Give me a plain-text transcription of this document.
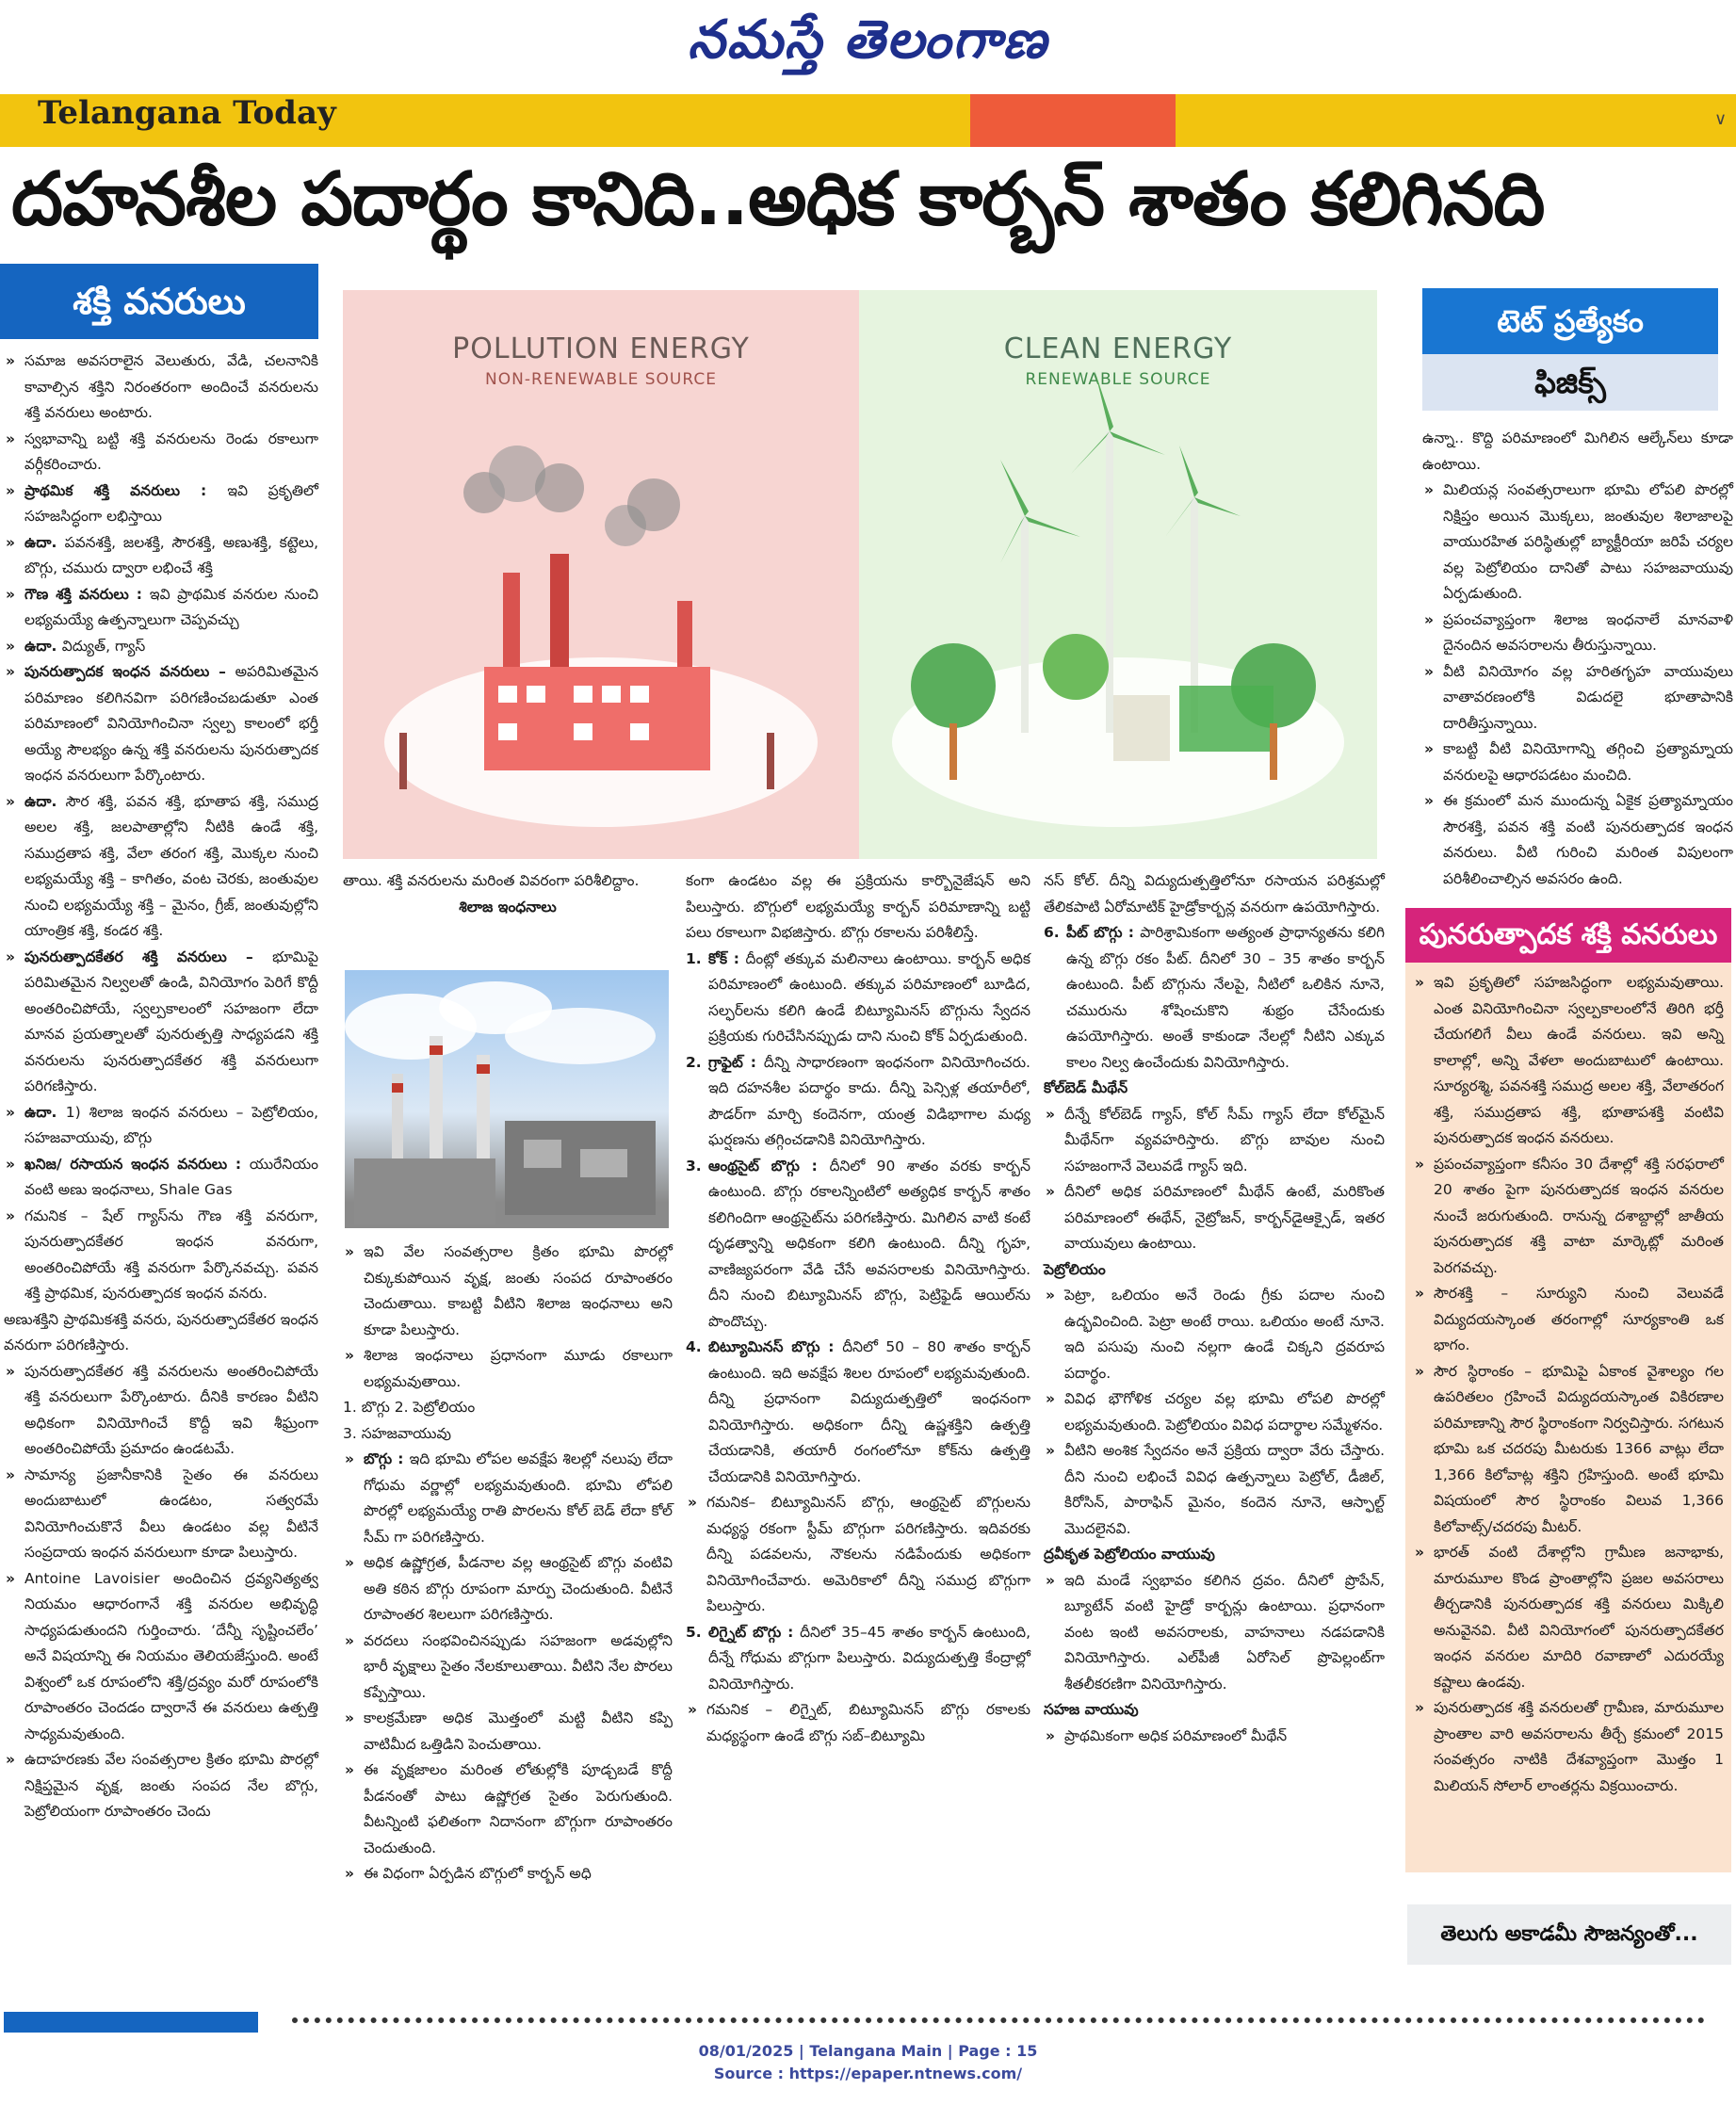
నమస్తే తెలంగాణ
Telangana Today	∨
దహనశీల పదార్థం కానిది..అధిక కార్బన్ శాతం కలిగినది
శక్తి వనరులు

» సమాజ అవసరాలైన వెలుతురు, వేడి, చలనానికి కావాల్సిన శక్తిని నిరంతరంగా అందించే వనరులను శక్తి వనరులు అంటారు.

» స్వభావాన్ని బట్టి శక్తి వనరులను రెండు రకాలుగా వర్గీకరించారు.

» ప్రాథమిక శక్తి వనరులు : ఇవి ప్రకృతిలో సహజసిద్ధంగా లభిస్తాయి

» ఉదా. పవనశక్తి, జలశక్తి, సౌరశక్తి, అణుశక్తి, కట్టెలు, బొగ్గు, చమురు ద్వారా లభించే శక్తి

» గౌణ శక్తి వనరులు : ఇవి ప్రాథమిక వనరుల నుంచి లభ్యమయ్యే ఉత్పన్నాలుగా చెప్పవచ్చు

» ఉదా. విద్యుత్, గ్యాస్

» పునరుత్పాదక ఇంధన వనరులు – అపరిమితమైన పరిమాణం కలిగినవిగా పరిగణించబడుతూ ఎంత పరిమాణంలో వినియోగించినా స్వల్ప కాలంలో భర్తీ అయ్యే సౌలభ్యం ఉన్న శక్తి వనరులను పునరుత్పాదక ఇంధన వనరులుగా పేర్కొంటారు.

» ఉదా. సౌర శక్తి, పవన శక్తి, భూతాప శక్తి, సముద్ర అలల శక్తి, జలపాతాల్లోని నీటికి ఉండే శక్తి, సముద్రతాప శక్తి, వేలా తరంగ శక్తి, మొక్కల నుంచి లభ్యమయ్యే శక్తి – కాగితం, వంట చెరకు, జంతువుల నుంచి లభ్యమయ్యే శక్తి – మైనం, గ్రీజ్, జంతువుల్లోని యాంత్రిక శక్తి, కండర శక్తి.

» పునరుత్పాదకేతర శక్తి వనరులు – భూమిపై పరిమితమైన నిల్వలతో ఉండి, వినియోగం పెరిగే కొద్దీ అంతరించిపోయే, స్వల్పకాలంలో సహజంగా లేదా మానవ ప్రయత్నాలతో పునరుత్పత్తి సాధ్యపడని శక్తి వనరులను పునరుత్పాదకేతర శక్తి వనరులుగా పరిగణిస్తారు.

» ఉదా. 1) శిలాజ ఇంధన వనరులు – పెట్రోలియం, సహజవాయువు, బొగ్గు

» ఖనిజ/ రసాయన ఇంధన వనరులు : యురేనియం వంటి అణు ఇంధనాలు, Shale Gas

» గమనిక – షేల్ గ్యాస్‌ను గౌణ శక్తి వనరుగా, పునరుత్పాదకేతర ఇంధన వనరుగా, అంతరించిపోయే శక్తి వనరుగా పేర్కొనవచ్చు. పవన శక్తి ప్రాథమిక, పునరుత్పాదక ఇంధన వనరు.

అణుశక్తిని ప్రాథమికశక్తి వనరు, పునరుత్పాదకేతర ఇంధన వనరుగా పరిగణిస్తారు.

» పునరుత్పాదకేతర శక్తి వనరులను అంతరించిపోయే శక్తి వనరులుగా పేర్కొంటారు. దీనికి కారణం వీటిని అధికంగా వినియోగించే కొద్దీ ఇవి శీఘ్రంగా అంతరించిపోయే ప్రమాదం ఉండటమే.

» సామాన్య ప్రజానీకానికి సైతం ఈ వనరులు అందుబాటులో ఉండటం, సత్వరమే వినియోగించుకొనే వీలు ఉండటం వల్ల వీటినే సంప్రదాయ ఇంధన వనరులుగా కూడా పిలుస్తారు.

» Antoine Lavoisier అందించిన ద్రవ్యనిత్యత్వ నియమం ఆధారంగానే శక్తి వనరుల అభివృద్ధి సాధ్యపడుతుందని గుర్తించారు. ‘దేన్నీ సృష్టించలేం’ అనే విషయాన్ని ఈ నియమం తెలియజేస్తుంది. అంటే విశ్వంలో ఒక రూపంలోని శక్తి/ద్రవ్యం మరో రూపంలోకి రూపాంతరం చెందడం ద్వారానే ఈ వనరులు ఉత్పత్తి సాధ్యమవుతుంది.

» ఉదాహరణకు వేల సంవత్సరాల క్రితం భూమి పొరల్లో నిక్షిప్తమైన వృక్ష, జంతు సంపద నేల బొగ్గు, పెట్రోలియంగా రూపాంతరం చెందు

POLLUTION ENERGY
NON-RENEWABLE SOURCE
CLEAN ENERGY
RENEWABLE SOURCE

తాయి. శక్తి వనరులను మరింత వివరంగా పరిశీలిద్దాం.

శిలాజ ఇంధనాలు

» ఇవి వేల సంవత్సరాల క్రితం భూమి పొరల్లో చిక్కుకుపోయిన వృక్ష, జంతు సంపద రూపాంతరం చెందుతాయి. కాబట్టి వీటిని శిలాజ ఇంధనాలు అని కూడా పిలుస్తారు.

» శిలాజ ఇంధనాలు ప్రధానంగా మూడు రకాలుగా లభ్యమవుతాయి.

1. బొగ్గు 2. పెట్రోలియం

3. సహజవాయువు

» బొగ్గు : ఇది భూమి లోపల అవక్షేప శిలల్లో నలుపు లేదా గోధుమ వర్ణాల్లో లభ్యమవుతుంది. భూమి లోపలి పొరల్లో లభ్యమయ్యే రాతి పొరలను కోల్ బెడ్ లేదా కోల్ సీమ్ గా పరిగణిస్తారు.

» అధిక ఉష్ణోగ్రత, పీడనాల వల్ల ఆంథ్రసైట్ బొగ్గు వంటివి అతి కఠిన బొగ్గు రూపంగా మార్పు చెందుతుంది. వీటినే రూపాంతర శిలలుగా పరిగణిస్తారు.

» వరదలు సంభవించినప్పుడు సహజంగా అడవుల్లోని భారీ వృక్షాలు సైతం నేలకూలుతాయి. వీటిని నేల పొరలు కప్పేస్తాయి.

» కాలక్రమేణా అధిక మొత్తంలో మట్టి వీటిని కప్పి వాటిమీద ఒత్తిడిని పెంచుతాయి.

» ఈ వృక్షజాలం మరింత లోతుల్లోకి పూడ్చబడే కొద్దీ పీడనంతో పాటు ఉష్ణోగ్రత సైతం పెరుగుతుంది. వీటన్నింటి ఫలితంగా నిదానంగా బొగ్గుగా రూపాంతరం చెందుతుంది.

» ఈ విధంగా ఏర్పడిన బొగ్గులో కార్బన్ అధి

కంగా ఉండటం వల్ల ఈ ప్రక్రియను కార్బొనైజేషన్ అని పిలుస్తారు. బొగ్గులో లభ్యమయ్యే కార్బన్ పరిమాణాన్ని బట్టి పలు రకాలుగా విభజిస్తారు. బొగ్గు రకాలను పరిశీలిస్తే.

1. కోక్ : దీంట్లో తక్కువ మలినాలు ఉంటాయి. కార్బన్ అధిక పరిమాణంలో ఉంటుంది. తక్కువ పరిమాణంలో బూడిద, సల్ఫర్‌లను కలిగి ఉండే బిట్యూమినస్ బొగ్గును స్వేదన ప్రక్రియకు గురిచేసినప్పుడు దాని నుంచి కోక్ ఏర్పడుతుంది.

2. గ్రాఫైట్ : దీన్ని సాధారణంగా ఇంధనంగా వినియోగించరు. ఇది దహనశీల పదార్థం కాదు. దీన్ని పెన్సిళ్ల తయారీలో, పౌడర్‌గా మార్చి కందెనగా, యంత్ర విడిభాగాల మధ్య ఘర్షణను తగ్గించడానికి వినియోగిస్తారు.

3. ఆంథ్రసైట్ బొగ్గు : దీనిలో 90 శాతం వరకు కార్బన్ ఉంటుంది. బొగ్గు రకాలన్నింటిలో అత్యధిక కార్బన్ శాతం కలిగిందిగా ఆంథ్రసైట్‌ను పరిగణిస్తారు. మిగిలిన వాటి కంటే దృఢత్వాన్ని అధికంగా కలిగి ఉంటుంది. దీన్ని గృహ, వాణిజ్యపరంగా వేడి చేసే అవసరాలకు వినియోగిస్తారు. దీని నుంచి బిట్యూమినస్ బొగ్గు, పెట్రిఫైడ్ ఆయిల్‌ను పొందొచ్చు.

4. బిట్యూమినస్ బొగ్గు : దీనిలో 50 – 80 శాతం కార్బన్ ఉంటుంది. ఇది అవక్షేప శిలల రూపంలో లభ్యమవుతుంది. దీన్ని ప్రధానంగా విద్యుదుత్పత్తిలో ఇంధనంగా వినియోగిస్తారు. అధికంగా దీన్ని ఉష్ణశక్తిని ఉత్పత్తి చేయడానికి, తయారీ రంగంలోనూ కోక్‌ను ఉత్పత్తి చేయడానికి వినియోగిస్తారు.

» గమనిక– బిట్యూమినస్ బొగ్గు, ఆంథ్రసైట్ బొగ్గులను మధ్యస్థ రకంగా స్టీమ్ బొగ్గుగా పరిగణిస్తారు. ఇదివరకు దీన్ని పడవలను, నౌకలను నడిపేందుకు అధికంగా వినియోగించేవారు. అమెరికాలో దీన్ని సముద్ర బొగ్గుగా పిలుస్తారు.

5. లిగ్నైట్ బొగ్గు : దీనిలో 35–45 శాతం కార్బన్ ఉంటుంది, దీన్నే గోధుమ బొగ్గుగా పిలుస్తారు. విద్యుదుత్పత్తి కేంద్రాల్లో వినియోగిస్తారు.

» గమనిక – లిగ్నైట్, బిట్యూమినస్ బొగ్గు రకాలకు మధ్యస్థంగా ఉండే బొగ్గు సబ్–బిట్యూమి

నస్ కోల్. దీన్ని విద్యుదుత్పత్తిలోనూ రసాయన పరిశ్రమల్లో తేలికపాటి ఏరోమాటిక్ హైడ్రోకార్బన్ల వనరుగా ఉపయోగిస్తారు.

6. పీట్ బొగ్గు : పారిశ్రామికంగా అత్యంత ప్రాధాన్యతను కలిగి ఉన్న బొగ్గు రకం పీట్. దీనిలో 30 – 35 శాతం కార్బన్ ఉంటుంది. పీట్ బొగ్గును నేలపై, నీటిలో ఒలికిన నూనె, చమురును శోషించుకొని శుభ్రం చేసేందుకు ఉపయోగిస్తారు. అంతే కాకుండా నేలల్లో నీటిని ఎక్కువ కాలం నిల్వ ఉంచేందుకు వినియోగిస్తారు.

కోల్‌బెడ్ మీథేన్

» దీన్నే కోల్‌బెడ్ గ్యాస్, కోల్ సీమ్ గ్యాస్ లేదా కోల్‌మైన్ మీథేన్‌గా వ్యవహరిస్తారు. బొగ్గు బావుల నుంచి సహజంగానే వెలువడే గ్యాస్ ఇది.

» దీనిలో అధిక పరిమాణంలో మీథేన్ ఉంటే, మరికొంత పరిమాణంలో ఈథేన్, నైట్రోజన్, కార్బన్‌డైఆక్సైడ్, ఇతర వాయువులు ఉంటాయి.

పెట్రోలియం

» పెట్రా, ఒలియం అనే రెండు గ్రీకు పదాల నుంచి ఉద్భవించింది. పెట్రా అంటే రాయి. ఒలియం అంటే నూనె. ఇది పసుపు నుంచి నల్లగా ఉండే చిక్కని ద్రవరూప పదార్థం.

» వివిధ భౌగోళిక చర్యల వల్ల భూమి లోపలి పొరల్లో లభ్యమవుతుంది. పెట్రోలియం వివిధ పదార్థాల సమ్మేళనం.

» వీటిని అంశిక స్వేదనం అనే ప్రక్రియ ద్వారా వేరు చేస్తారు. దీని నుంచి లభించే వివిధ ఉత్పన్నాలు పెట్రోల్, డీజిల్, కిరోసిన్, పారాఫిన్ మైనం, కందెన నూనె, ఆస్ఫాల్ట్ మొదలైనవి.

ద్రవీకృత పెట్రోలియం వాయువు

» ఇది మండే స్వభావం కలిగిన ద్రవం. దీనిలో ప్రొపేన్, బ్యూటేన్ వంటి హైడ్రో కార్బన్లు ఉంటాయి. ప్రధానంగా వంట ఇంటి అవసరాలకు, వాహనాలు నడపడానికి వినియోగిస్తారు. ఎల్‌పీజీ ఏరోసెల్ ప్రొపెల్లంట్‌గా శీతలీకరణిగా వినియోగిస్తారు.

సహజ వాయువు

» ప్రాథమికంగా అధిక పరిమాణంలో మీథేన్

టెట్ ప్రత్యేకం
ఫిజిక్స్

ఉన్నా.. కొద్ది పరిమాణంలో మిగిలిన ఆల్కేన్‌లు కూడా ఉంటాయి.

» మిలియన్ల సంవత్సరాలుగా భూమి లోపలి పొరల్లో నిక్షిప్తం అయిన మొక్కలు, జంతువుల శిలాజాలపై వాయురహిత పరిస్థితుల్లో బ్యాక్టీరియా జరిపే చర్యల వల్ల పెట్రోలియం దానితో పాటు సహజవాయువు ఏర్పడుతుంది.

» ప్రపంచవ్యాప్తంగా శిలాజ ఇంధనాలే మానవాళి దైనందిన అవసరాలను తీరుస్తున్నాయి.

» వీటి వినియోగం వల్ల హరితగృహ వాయువులు వాతావరణంలోకి విడుదలై భూతాపానికి దారితీస్తున్నాయి.

» కాబట్టి వీటి వినియోగాన్ని తగ్గించి ప్రత్యామ్నాయ వనరులపై ఆధారపడటం మంచిది.

» ఈ క్రమంలో మన ముందున్న ఏకైక ప్రత్యామ్నాయం సౌరశక్తి, పవన శక్తి వంటి పునరుత్పాదక ఇంధన వనరులు. వీటి గురించి మరింత విపులంగా పరిశీలించాల్సిన అవసరం ఉంది.

పునరుత్పాదక శక్తి వనరులు

» ఇవి ప్రకృతిలో సహజసిద్ధంగా లభ్యమవుతాయి. ఎంత వినియోగించినా స్వల్పకాలంలోనే తిరిగి భర్తీ చేయగలిగే వీలు ఉండే వనరులు. ఇవి అన్ని కాలాల్లో, అన్ని వేళలా అందుబాటులో ఉంటాయి. సూర్యరశ్మి, పవనశక్తి సముద్ర అలల శక్తి, వేలాతరంగ శక్తి, సముద్రతాప శక్తి, భూతాపశక్తి వంటివి పునరుత్పాదక ఇంధన వనరులు.

» ప్రపంచవ్యాప్తంగా కనీసం 30 దేశాల్లో శక్తి సరఫరాలో 20 శాతం పైగా పునరుత్పాదక ఇంధన వనరుల నుంచే జరుగుతుంది. రానున్న దశాబ్దాల్లో జాతీయ పునరుత్పాదక శక్తి వాటా మార్కెట్లో మరింత పెరగవచ్చు.

» సౌరశక్తి – సూర్యుని నుంచి వెలువడే విద్యుదయస్కాంత తరంగాల్లో సూర్యకాంతి ఒక భాగం.

» సౌర స్థిరాంకం – భూమిపై ఏకాంక వైశాల్యం గల ఉపరితలం గ్రహించే విద్యుదయస్కాంత వికిరణాల పరిమాణాన్ని సౌర స్థిరాంకంగా నిర్వచిస్తారు. సగటున భూమి ఒక చదరపు మీటరుకు 1366 వాట్లు లేదా 1,366 కిలోవాట్ల శక్తిని గ్రహిస్తుంది. అంటే భూమి విషయంలో సౌర స్థిరాంకం విలువ 1,366 కిలోవాట్స్/చదరపు మీటర్.

» భారత్ వంటి దేశాల్లోని గ్రామీణ జనాభాకు, మారుమూల కొండ ప్రాంతాల్లోని ప్రజల అవసరాలు తీర్చడానికి పునరుత్పాదక శక్తి వనరులు మిక్కిలి అనువైనవి. వీటి వినియోగంలో పునరుత్పాదకేతర ఇంధన వనరుల మాదిరి రవాణాలో ఎదురయ్యే కష్టాలు ఉండవు.

» పునరుత్పాదక శక్తి వనరులతో గ్రామీణ, మారుమూల ప్రాంతాల వారి అవసరాలను తీర్చే క్రమంలో 2015 సంవత్సరం నాటికి దేశవ్యాప్తంగా మొత్తం 1 మిలియన్ సోలార్ లాంతర్లను విక్రయించారు.

తెలుగు అకాడమీ సౌజన్యంతో...
08/01/2025 | Telangana Main | Page : 15
Source : https://epaper.ntnews.com/
